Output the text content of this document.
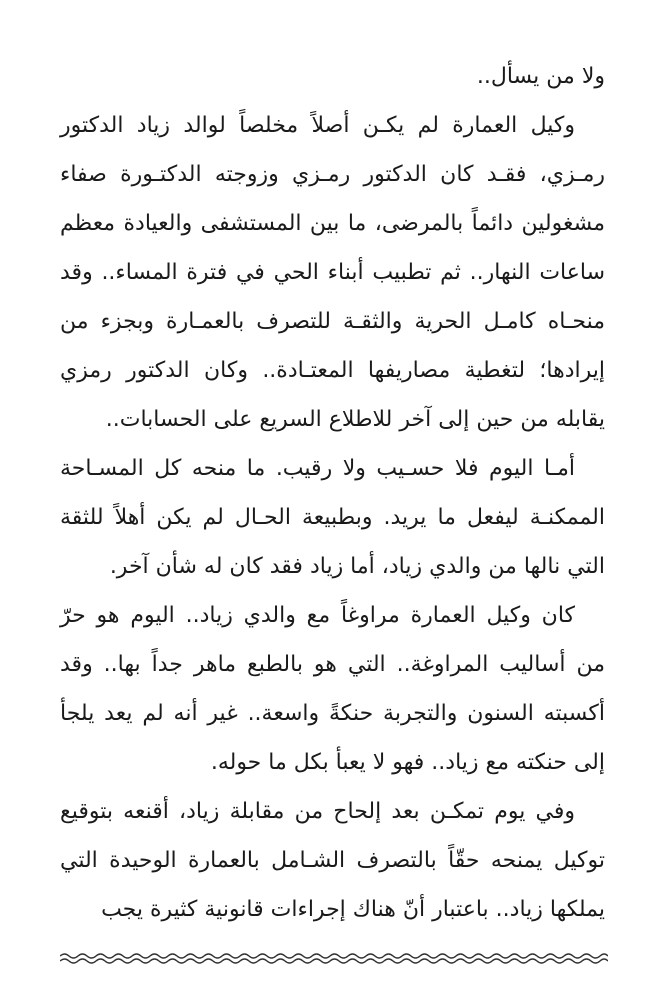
ولا من يسأل..

وكيل العمارة لم يكـن أصلاً مخلصاً لوالد زياد الدكتور رمـزي، فقـد كان الدكتور رمـزي وزوجته الدكتـورة صفاء مشغولين دائماً بالمرضى، ما بين المستشفى والعيادة معظم ساعات النهار.. ثم تطبيب أبناء الحي في فترة المساء.. وقد منحـاه كامـل الحرية والثقـة للتصرف بالعمـارة وبجزء من إيرادها؛ لتغطية مصاريفها المعتـادة.. وكان الدكتور رمزي يقابله من حين إلى آخر للاطلاع السريع على الحسابات..

أمـا اليوم فلا حسـيب ولا رقيب. ما منحه كل المسـاحة الممكنـة ليفعل ما يريد. وبطبيعة الحـال لم يكن أهلاً للثقة التي نالها من والدي زياد، أما زياد فقد كان له شأن آخر.

كان وكيل العمارة مراوغاً مع والدي زياد.. اليوم هو حرّ من أساليب المراوغة.. التي هو بالطبع ماهر جداً بها.. وقد أكسبته السنون والتجربة حنكةً واسعة.. غير أنه لم يعد يلجأ إلى حنكته مع زياد.. فهو لا يعبأ بكل ما حوله.

وفي يوم تمكـن بعد إلحاح من مقابلة زياد، أقنعه بتوقيع توكيل يمنحه حقّاً بالتصرف الشـامل بالعمارة الوحيدة التي يملكها زياد.. باعتبار أنّ هناك إجراءات قانونية كثيرة يجب
